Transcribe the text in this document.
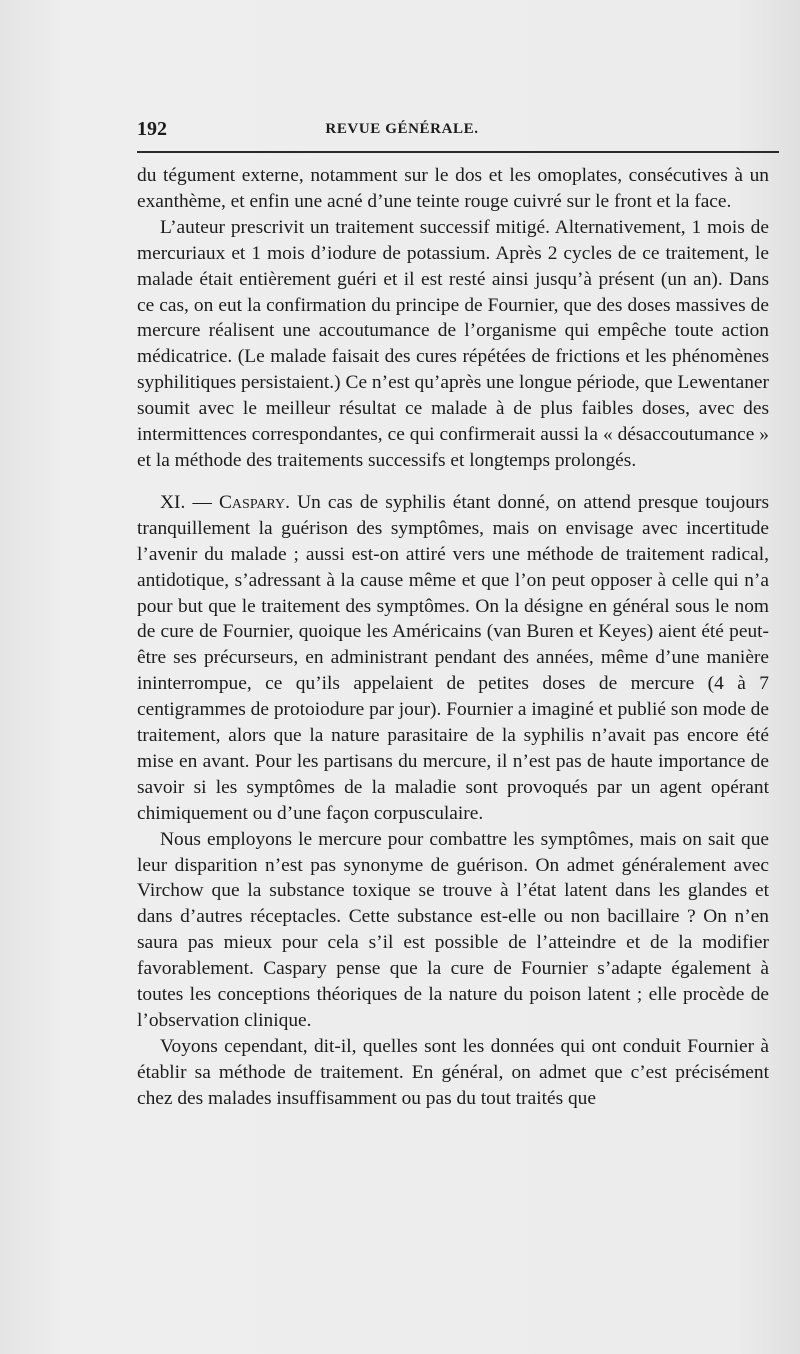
192	REVUE GÉNÉRALE.

du tégument externe, notamment sur le dos et les omoplates, consécutives à un exanthème, et enfin une acné d’une teinte rouge cuivré sur le front et la face.

L’auteur prescrivit un traitement successif mitigé. Alternativement, 1 mois de mercuriaux et 1 mois d’iodure de potassium. Après 2 cycles de ce traitement, le malade était entièrement guéri et il est resté ainsi jusqu’à présent (un an). Dans ce cas, on eut la confirmation du principe de Fournier, que des doses massives de mercure réalisent une accoutumance de l’organisme qui empêche toute action médicatrice. (Le malade faisait des cures répétées de frictions et les phénomènes syphilitiques persistaient.) Ce n’est qu’après une longue période, que Lewentaner soumit avec le meilleur résultat ce malade à de plus faibles doses, avec des intermittences correspondantes, ce qui confirmerait aussi la « désaccoutumance » et la méthode des traitements successifs et longtemps prolongés.

XI. — Caspary. Un cas de syphilis étant donné, on attend presque toujours tranquillement la guérison des symptômes, mais on envisage avec incertitude l’avenir du malade ; aussi est-on attiré vers une méthode de traitement radical, antidotique, s’adressant à la cause même et que l’on peut opposer à celle qui n’a pour but que le traitement des symptômes. On la désigne en général sous le nom de cure de Fournier, quoique les Américains (van Buren et Keyes) aient été peut-être ses précurseurs, en administrant pendant des années, même d’une manière ininterrompue, ce qu’ils appelaient de petites doses de mercure (4 à 7 centigrammes de protoiodure par jour). Fournier a imaginé et publié son mode de traitement, alors que la nature parasitaire de la syphilis n’avait pas encore été mise en avant. Pour les partisans du mercure, il n’est pas de haute importance de savoir si les symptômes de la maladie sont provoqués par un agent opérant chimiquement ou d’une façon corpusculaire.

Nous employons le mercure pour combattre les symptômes, mais on sait que leur disparition n’est pas synonyme de guérison. On admet généralement avec Virchow que la substance toxique se trouve à l’état latent dans les glandes et dans d’autres réceptacles. Cette substance est-elle ou non bacillaire ? On n’en saura pas mieux pour cela s’il est possible de l’atteindre et de la modifier favorablement. Caspary pense que la cure de Fournier s’adapte également à toutes les conceptions théoriques de la nature du poison latent ; elle procède de l’observation clinique.

Voyons cependant, dit-il, quelles sont les données qui ont conduit Fournier à établir sa méthode de traitement. En général, on admet que c’est précisément chez des malades insuffisamment ou pas du tout traités que
